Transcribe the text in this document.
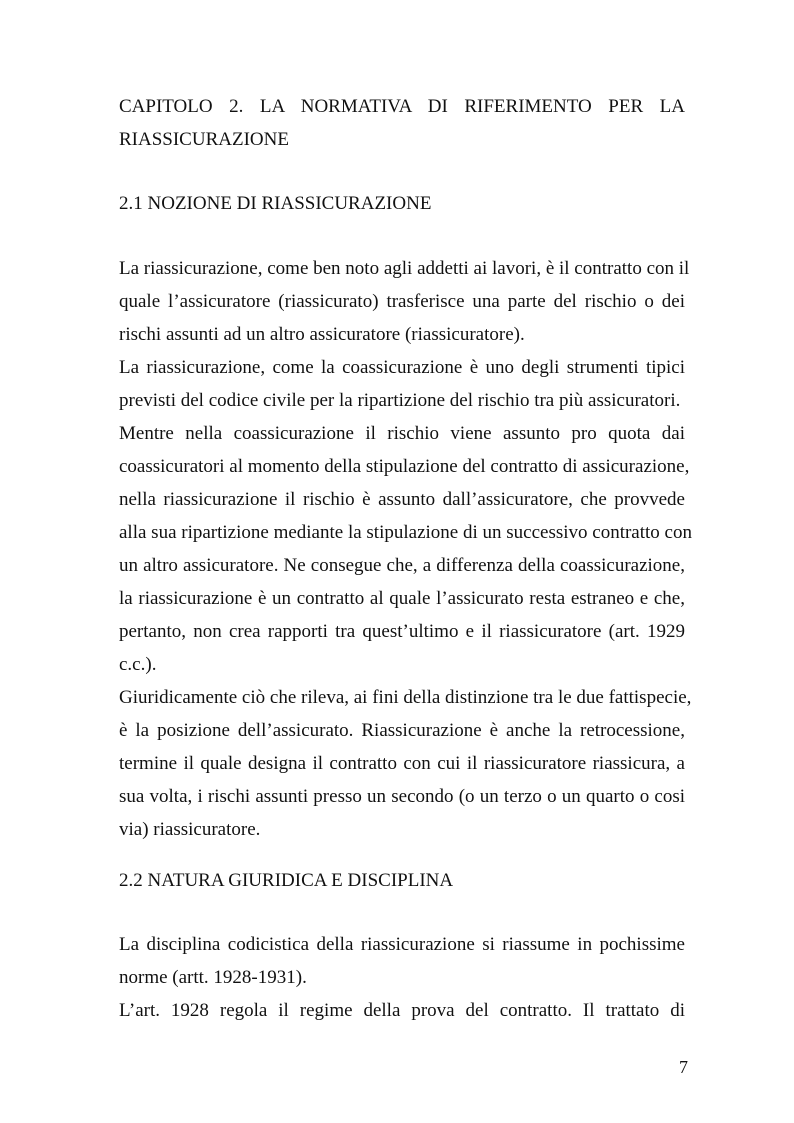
CAPITOLO 2. LA NORMATIVA DI RIFERIMENTO PER LA
RIASSICURAZIONE
2.1 NOZIONE DI RIASSICURAZIONE
La riassicurazione, come ben noto agli addetti ai lavori, è il contratto con il
quale l’assicuratore (riassicurato) trasferisce una parte del rischio o dei
rischi assunti ad un altro assicuratore (riassicuratore).
La riassicurazione, come la coassicurazione è uno degli strumenti tipici
previsti del codice civile per la ripartizione del rischio tra più assicuratori.
Mentre nella coassicurazione il rischio viene assunto pro quota dai
coassicuratori al momento della stipulazione del contratto di assicurazione,
nella riassicurazione il rischio è assunto dall’assicuratore, che provvede
alla sua ripartizione mediante la stipulazione di un successivo contratto con
un altro assicuratore. Ne consegue che, a differenza della coassicurazione,
la riassicurazione è un contratto al quale l’assicurato resta estraneo e che,
pertanto, non crea rapporti tra quest’ultimo e il riassicuratore (art. 1929
c.c.).
Giuridicamente ciò che rileva, ai fini della distinzione tra le due fattispecie,
è la posizione dell’assicurato. Riassicurazione è anche la retrocessione,
termine il quale designa il contratto con cui il riassicuratore riassicura, a
sua volta, i rischi assunti presso un secondo (o un terzo o un quarto o cosi
via) riassicuratore.
2.2 NATURA GIURIDICA E DISCIPLINA
La disciplina codicistica della riassicurazione si riassume in pochissime
norme (artt. 1928-1931).
L’art. 1928 regola il regime della prova del contratto. Il trattato di
7
